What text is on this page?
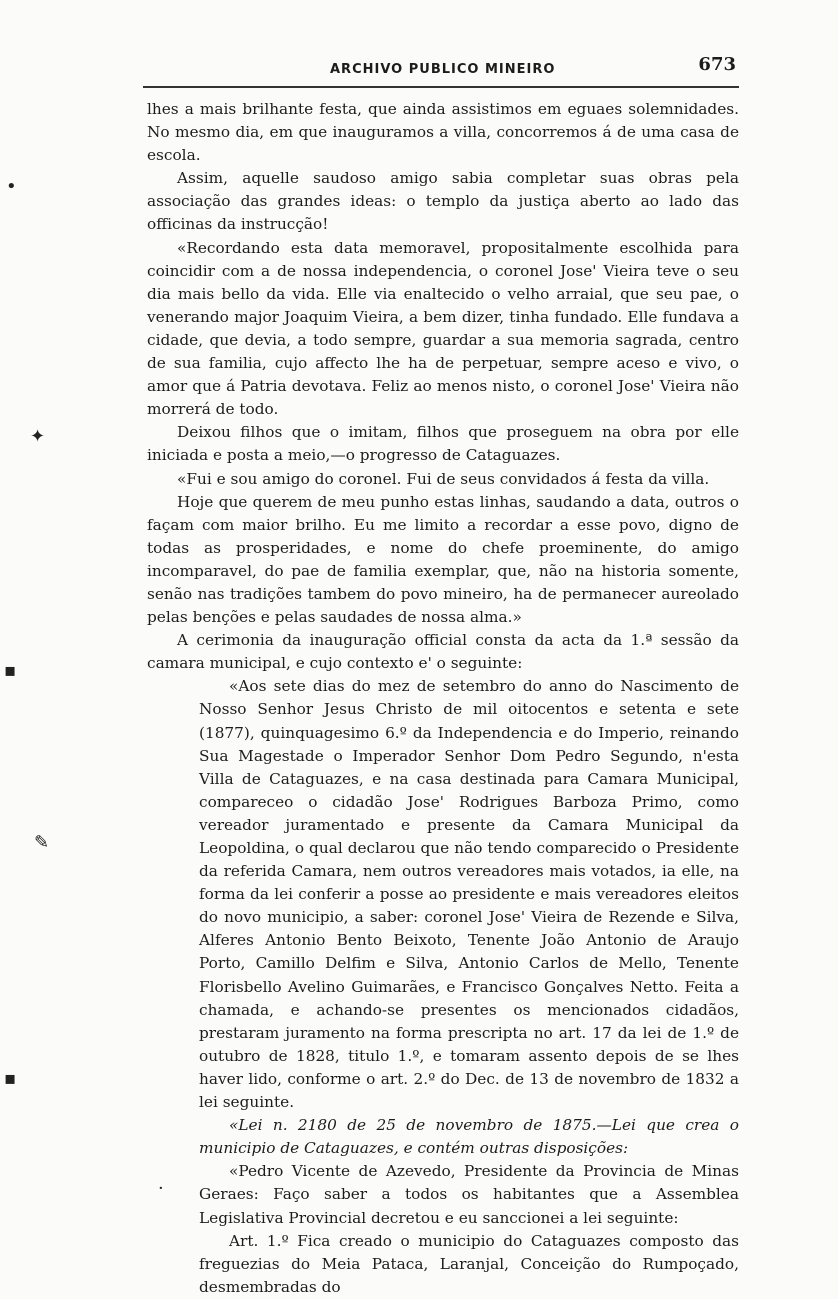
ARCHIVO PUBLICO MINEIRO	673

lhes a mais brilhante festa, que ainda assistimos em eguaes solemnidades. No mesmo dia, em que inauguramos a villa, concorremos á de uma casa de escola.

Assim, aquelle saudoso amigo sabia completar suas obras pela associação das grandes ideas: o templo da justiça aberto ao lado das officinas da instrucção!

«Recordando esta data memoravel, propositalmente escolhida para coincidir com a de nossa independencia, o coronel Jose' Vieira teve o seu dia mais bello da vida. Elle via enaltecido o velho arraial, que seu pae, o venerando major Joaquim Vieira, a bem dizer, tinha fundado. Elle fundava a cidade, que devia, a todo sempre, guardar a sua memoria sagrada, centro de sua familia, cujo affecto lhe ha de perpetuar, sempre aceso e vivo, o amor que á Patria devotava. Feliz ao menos nisto, o coronel Jose' Vieira não morrerá de todo.

Deixou filhos que o imitam, filhos que proseguem na obra por elle iniciada e posta a meio,—o progresso de Cataguazes.

«Fui e sou amigo do coronel. Fui de seus convidados á festa da villa.

Hoje que querem de meu punho estas linhas, saudando a data, outros o façam com maior brilho. Eu me limito a recordar a esse povo, digno de todas as prosperidades, e nome do chefe proeminente, do amigo incomparavel, do pae de familia exemplar, que, não na historia somente, senão nas tradições tambem do povo mineiro, ha de permanecer aureolado pelas benções e pelas saudades de nossa alma.»

A cerimonia da inauguração official consta da acta da 1.ª sessão da camara municipal, e cujo contexto e' o seguinte:

«Aos sete dias do mez de setembro do anno do Nascimento de Nosso Senhor Jesus Christo de mil oitocentos e setenta e sete (1877), quinquagesimo 6.º da Independencia e do Imperio, reinando Sua Magestade o Imperador Senhor Dom Pedro Segundo, n'esta Villa de Cataguazes, e na casa destinada para Camara Municipal, compareceo o cidadão Jose' Rodrigues Barboza Primo, como vereador juramentado e presente da Camara Municipal da Leopoldina, o qual declarou que não tendo comparecido o Presidente da referida Camara, nem outros vereadores mais votados, ia elle, na forma da lei conferir a posse ao presidente e mais vereadores eleitos do novo municipio, a saber: coronel Jose' Vieira de Rezende e Silva, Alferes Antonio Bento Beixoto, Tenente João Antonio de Araujo Porto, Camillo Delfim e Silva, Antonio Carlos de Mello, Tenente Florisbello Avelino Guimarães, e Francisco Gonçalves Netto. Feita a chamada, e achando-se presentes os mencionados cidadãos, prestaram juramento na forma prescripta no art. 17 da lei de 1.º de outubro de 1828, titulo 1.º, e tomaram assento depois de se lhes haver lido, conforme o art. 2.º do Dec. de 13 de novembro de 1832 a lei seguinte.

«Lei n. 2180 de 25 de novembro de 1875.—Lei que crea o municipio de Cataguazes, e contém outras disposições:

«Pedro Vicente de Azevedo, Presidente da Provincia de Minas Geraes: Faço saber a todos os habitantes que a Assemblea Legislativa Provincial decretou e eu sanccionei a lei seguinte:

Art. 1.º Fica creado o municipio do Cataguazes composto das freguezias do Meia Pataca, Laranjal, Conceição do Rumpoçado, desmembradas do

•
✦
▪
✎
▪
·
